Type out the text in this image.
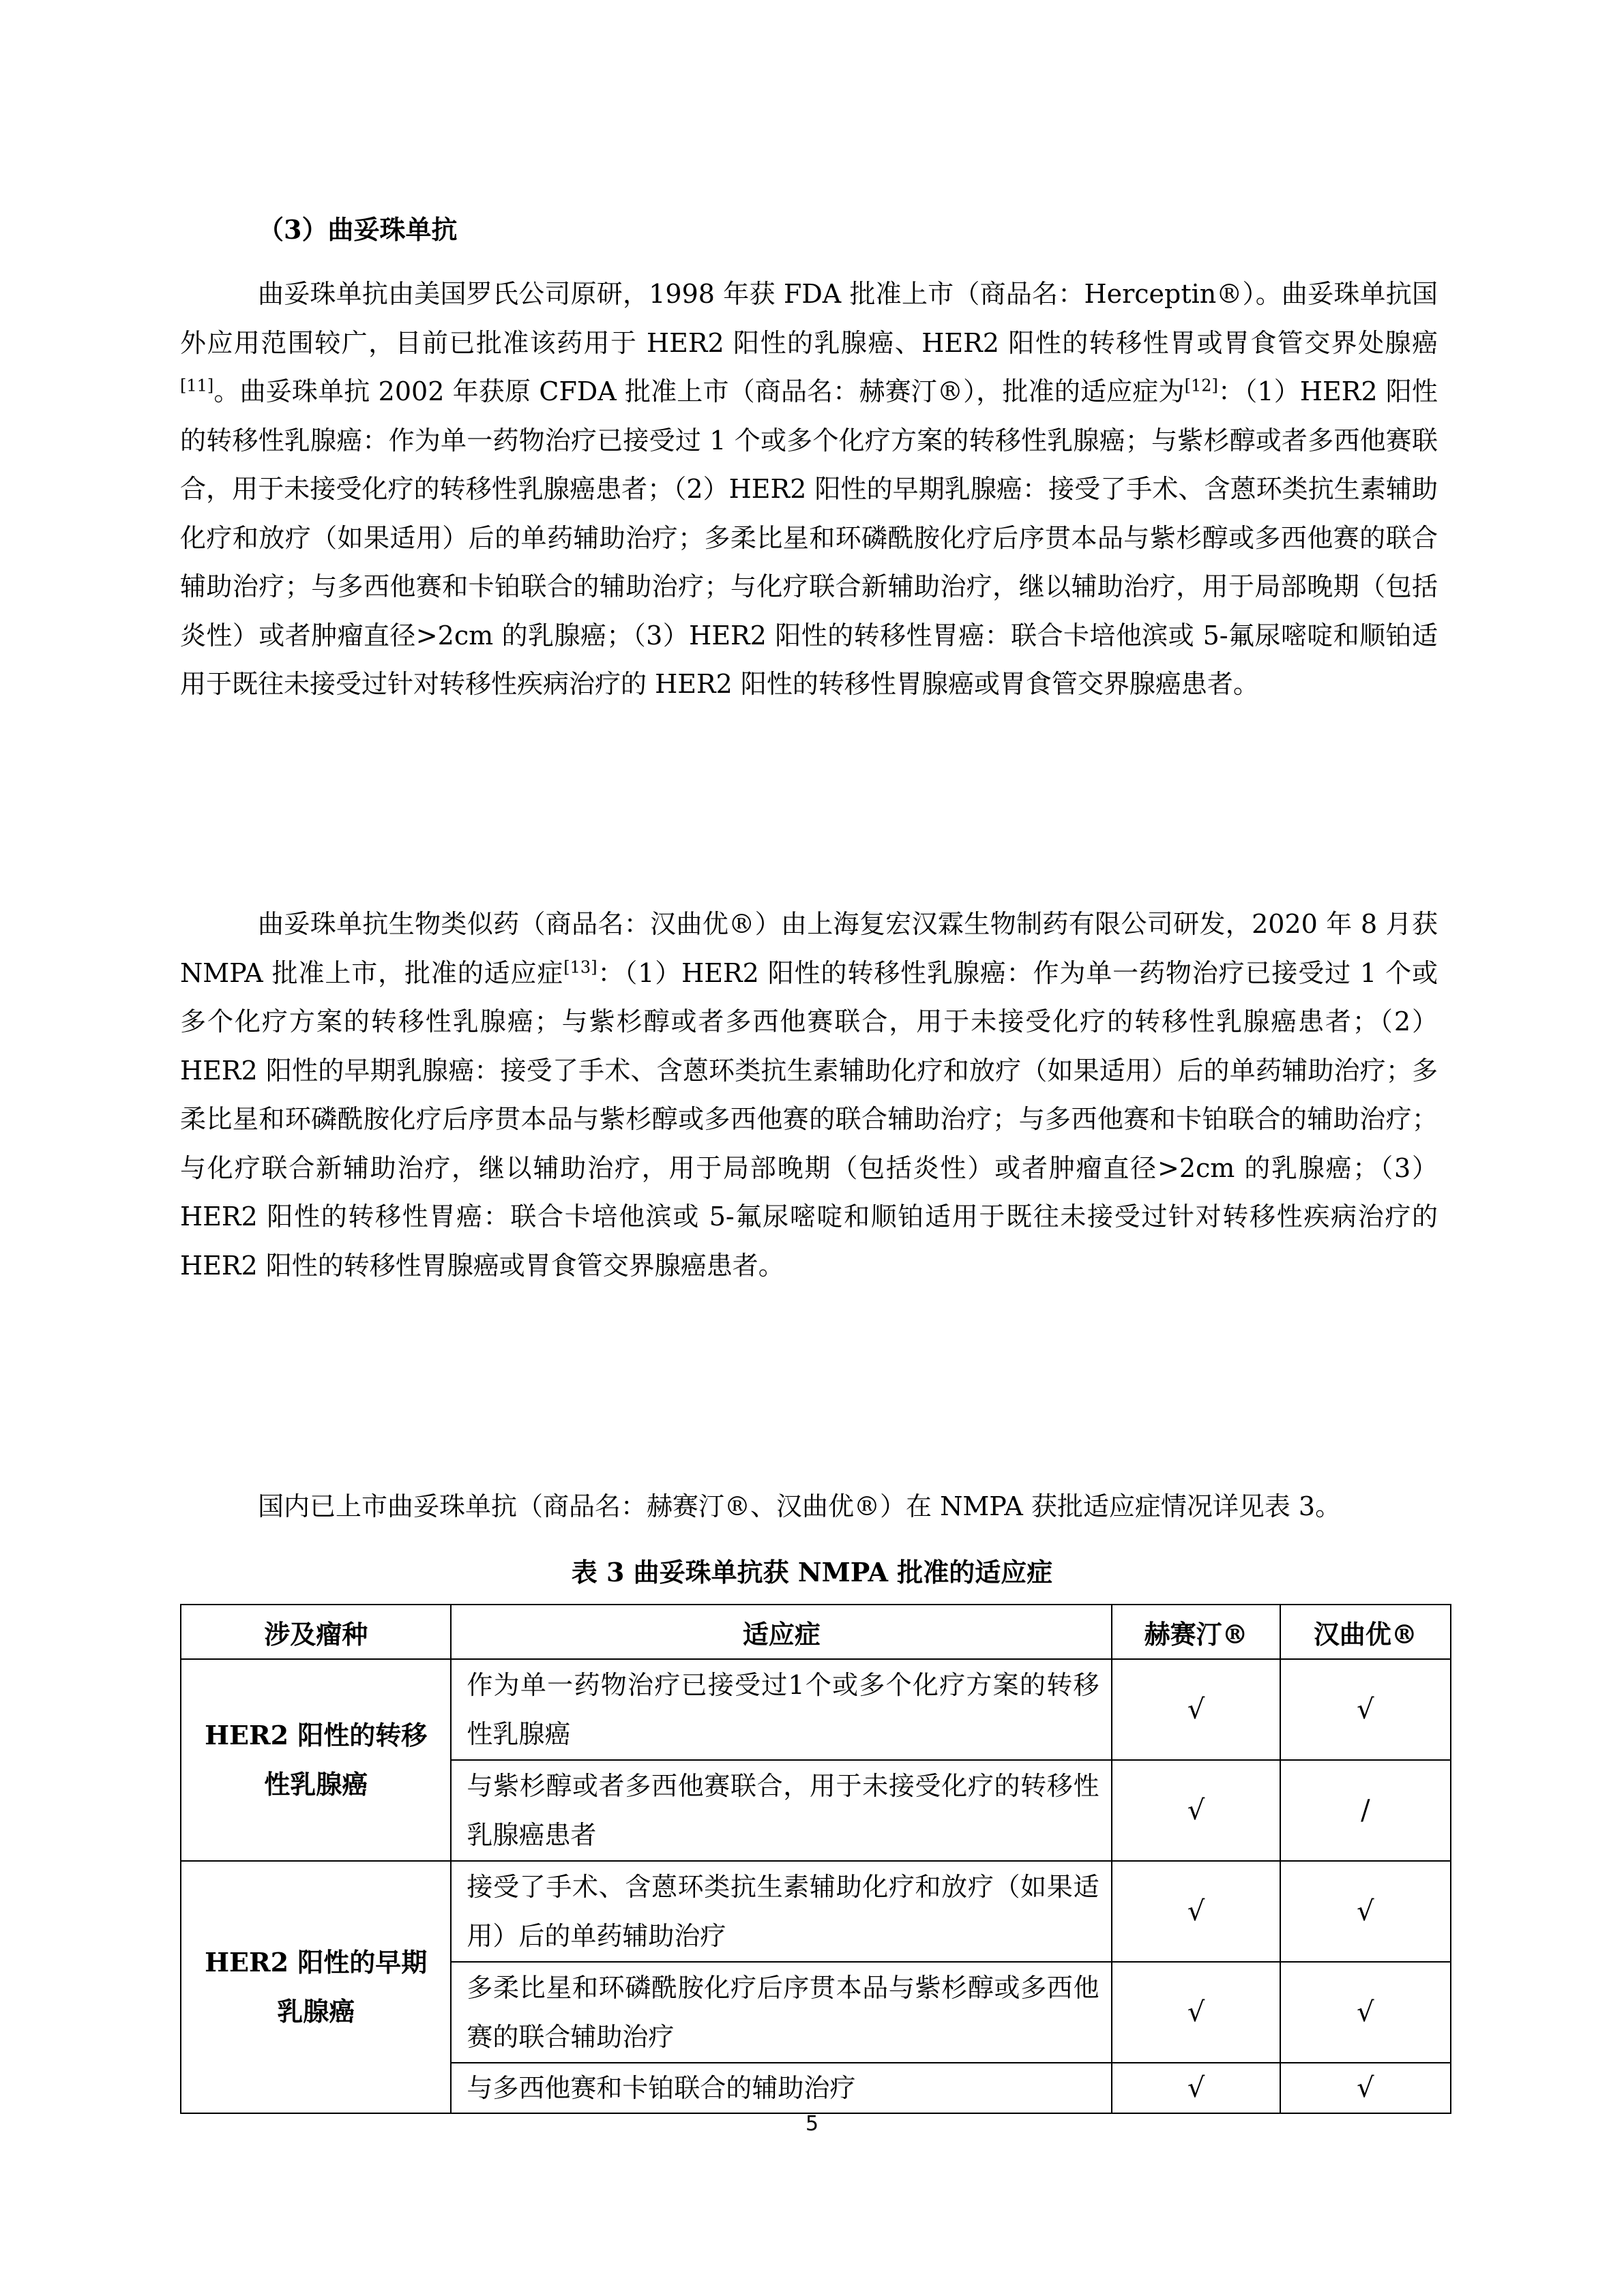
（3）曲妥珠单抗

曲妥珠单抗由美国罗氏公司原研，1998 年获 FDA 批准上市（商品名：Herceptin®）。曲妥珠单抗国外应用范围较广，目前已批准该药用于 HER2 阳性的乳腺癌、HER2 阳性的转移性胃或胃食管交界处腺癌[11]。曲妥珠单抗 2002 年获原 CFDA 批准上市（商品名：赫赛汀®），批准的适应症为[12]：（1）HER2 阳性的转移性乳腺癌：作为单一药物治疗已接受过 1 个或多个化疗方案的转移性乳腺癌；与紫杉醇或者多西他赛联合，用于未接受化疗的转移性乳腺癌患者；（2）HER2 阳性的早期乳腺癌：接受了手术、含蒽环类抗生素辅助化疗和放疗（如果适用）后的单药辅助治疗；多柔比星和环磷酰胺化疗后序贯本品与紫杉醇或多西他赛的联合辅助治疗；与多西他赛和卡铂联合的辅助治疗；与化疗联合新辅助治疗，继以辅助治疗，用于局部晚期（包括炎性）或者肿瘤直径>2cm 的乳腺癌；（3）HER2 阳性的转移性胃癌：联合卡培他滨或 5-氟尿嘧啶和顺铂适用于既往未接受过针对转移性疾病治疗的 HER2 阳性的转移性胃腺癌或胃食管交界腺癌患者。

曲妥珠单抗生物类似药（商品名：汉曲优®）由上海复宏汉霖生物制药有限公司研发，2020 年 8 月获 NMPA 批准上市，批准的适应症[13]：（1）HER2 阳性的转移性乳腺癌：作为单一药物治疗已接受过 1 个或多个化疗方案的转移性乳腺癌；与紫杉醇或者多西他赛联合，用于未接受化疗的转移性乳腺癌患者；（2）HER2 阳性的早期乳腺癌：接受了手术、含蒽环类抗生素辅助化疗和放疗（如果适用）后的单药辅助治疗；多柔比星和环磷酰胺化疗后序贯本品与紫杉醇或多西他赛的联合辅助治疗；与多西他赛和卡铂联合的辅助治疗；与化疗联合新辅助治疗，继以辅助治疗，用于局部晚期（包括炎性）或者肿瘤直径>2cm 的乳腺癌；（3）HER2 阳性的转移性胃癌：联合卡培他滨或 5-氟尿嘧啶和顺铂适用于既往未接受过针对转移性疾病治疗的 HER2 阳性的转移性胃腺癌或胃食管交界腺癌患者。

国内已上市曲妥珠单抗（商品名：赫赛汀®、汉曲优®）在 NMPA 获批适应症情况详见表 3。

表 3 曲妥珠单抗获 NMPA 批准的适应症
涉及瘤种	适应症	赫赛汀®	汉曲优®
HER2 阳性的转移性乳腺癌	作为单一药物治疗已接受过1个或多个化疗方案的转移性乳腺癌	√	√
	与紫杉醇或者多西他赛联合，用于未接受化疗的转移性乳腺癌患者	√	/
HER2 阳性的早期乳腺癌	接受了手术、含蒽环类抗生素辅助化疗和放疗（如果适用）后的单药辅助治疗	√	√
	多柔比星和环磷酰胺化疗后序贯本品与紫杉醇或多西他赛的联合辅助治疗	√	√
	与多西他赛和卡铂联合的辅助治疗	√	√
5
